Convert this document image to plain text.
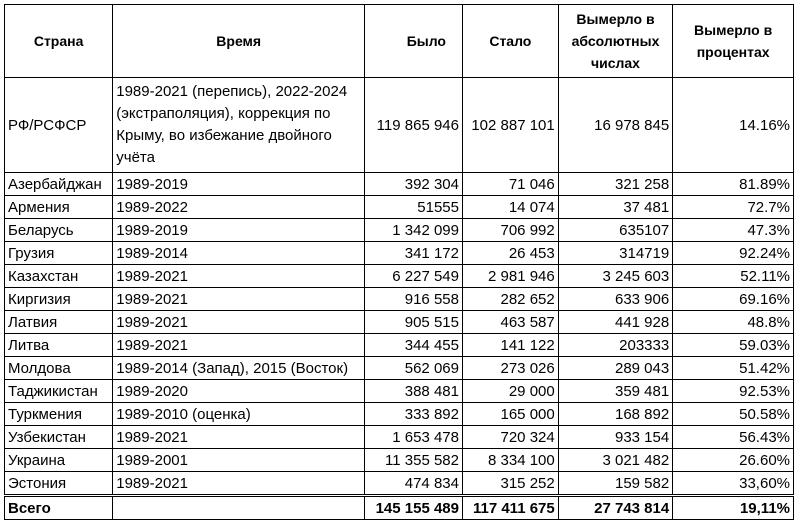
Страна	Время	Было	Стало	Вымерло в абсолютных числах	Вымерло в процентах
РФ/РСФСР	1989-2021 (перепись), 2022-2024 (экстраполяция), коррекция по Крыму, во избежание двойного учёта	119 865 946	102 887 101	16 978 845	14.16%
Азербайджан	1989-2019	392 304	71 046	321 258	81.89%
Армения	1989-2022	51555	14 074	37 481	72.7%
Беларусь	1989-2019	1 342 099	706 992	635107	47.3%
Грузия	1989-2014	341 172	26 453	314719	92.24%
Казахстан	1989-2021	6 227 549	2 981 946	3 245 603	52.11%
Киргизия	1989-2021	916 558	282 652	633 906	69.16%
Латвия	1989-2021	905 515	463 587	441 928	48.8%
Литва	1989-2021	344 455	141 122	203333	59.03%
Молдова	1989-2014 (Запад), 2015 (Восток)	562 069	273 026	289 043	51.42%
Таджикистан	1989-2020	388 481	29 000	359 481	92.53%
Туркмения	1989-2010 (оценка)	333 892	165 000	168 892	50.58%
Узбекистан	1989-2021	1 653 478	720 324	933 154	56.43%
Украина	1989-2001	11 355 582	8 334 100	3 021 482	26.60%
Эстония	1989-2021	474 834	315 252	159 582	33,60%
Всего		145 155 489	117 411 675	27 743 814	19,11%
